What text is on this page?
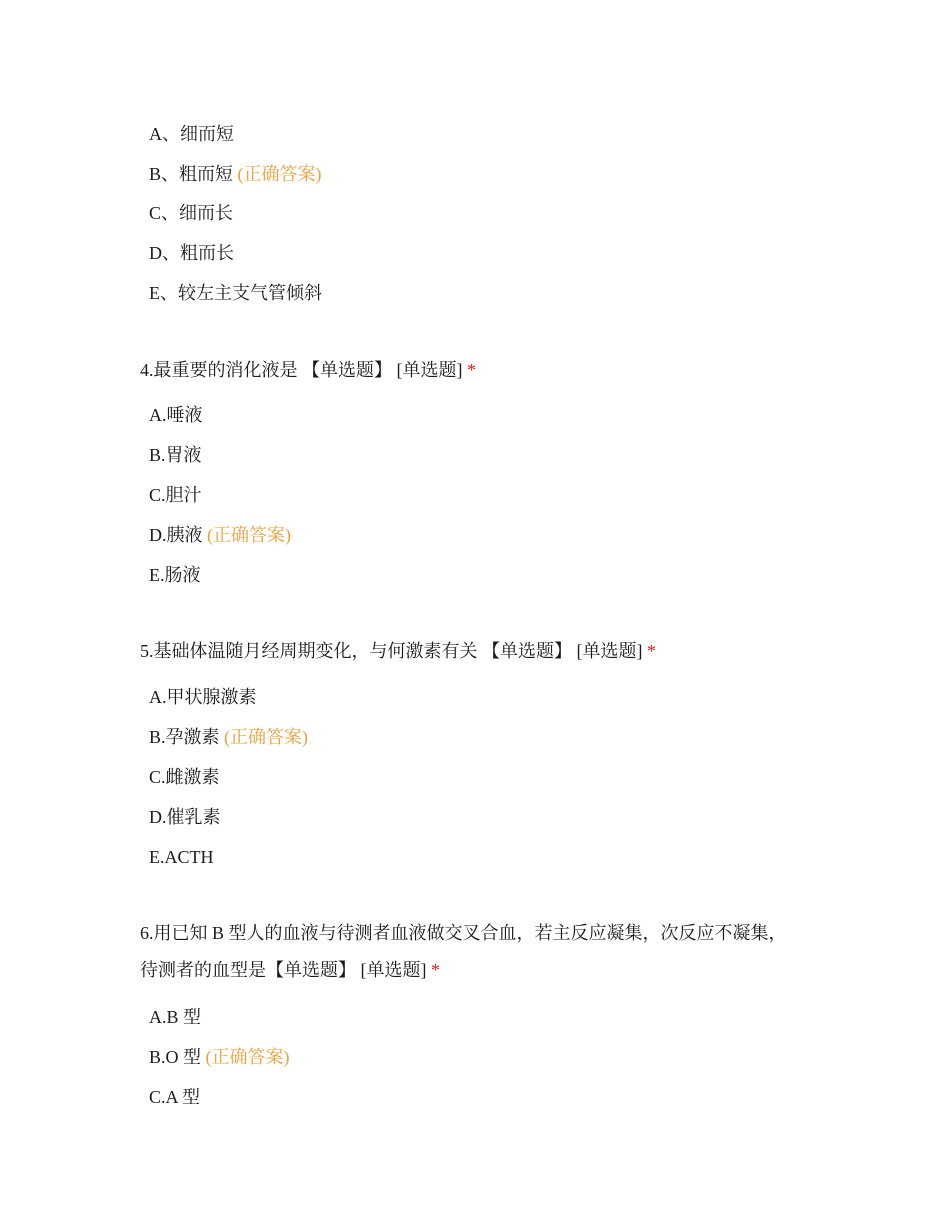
A、细而短
B、粗而短 (正确答案)
C、细而长
D、粗而长
E、较左主支气管倾斜
4.最重要的消化液是 【单选题】 [单选题] *
A.唾液
B.胃液
C.胆汁
D.胰液 (正确答案)
E.肠液
5.基础体温随月经周期变化，与何激素有关 【单选题】 [单选题] *
A.甲状腺激素
B.孕激素 (正确答案)
C.雌激素
D.催乳素
E.ACTH
6.用已知 B 型人的血液与待测者血液做交叉合血，若主反应凝集，次反应不凝集，
待测者的血型是【单选题】 [单选题] *
A.B 型
B.O 型 (正确答案)
C.A 型
